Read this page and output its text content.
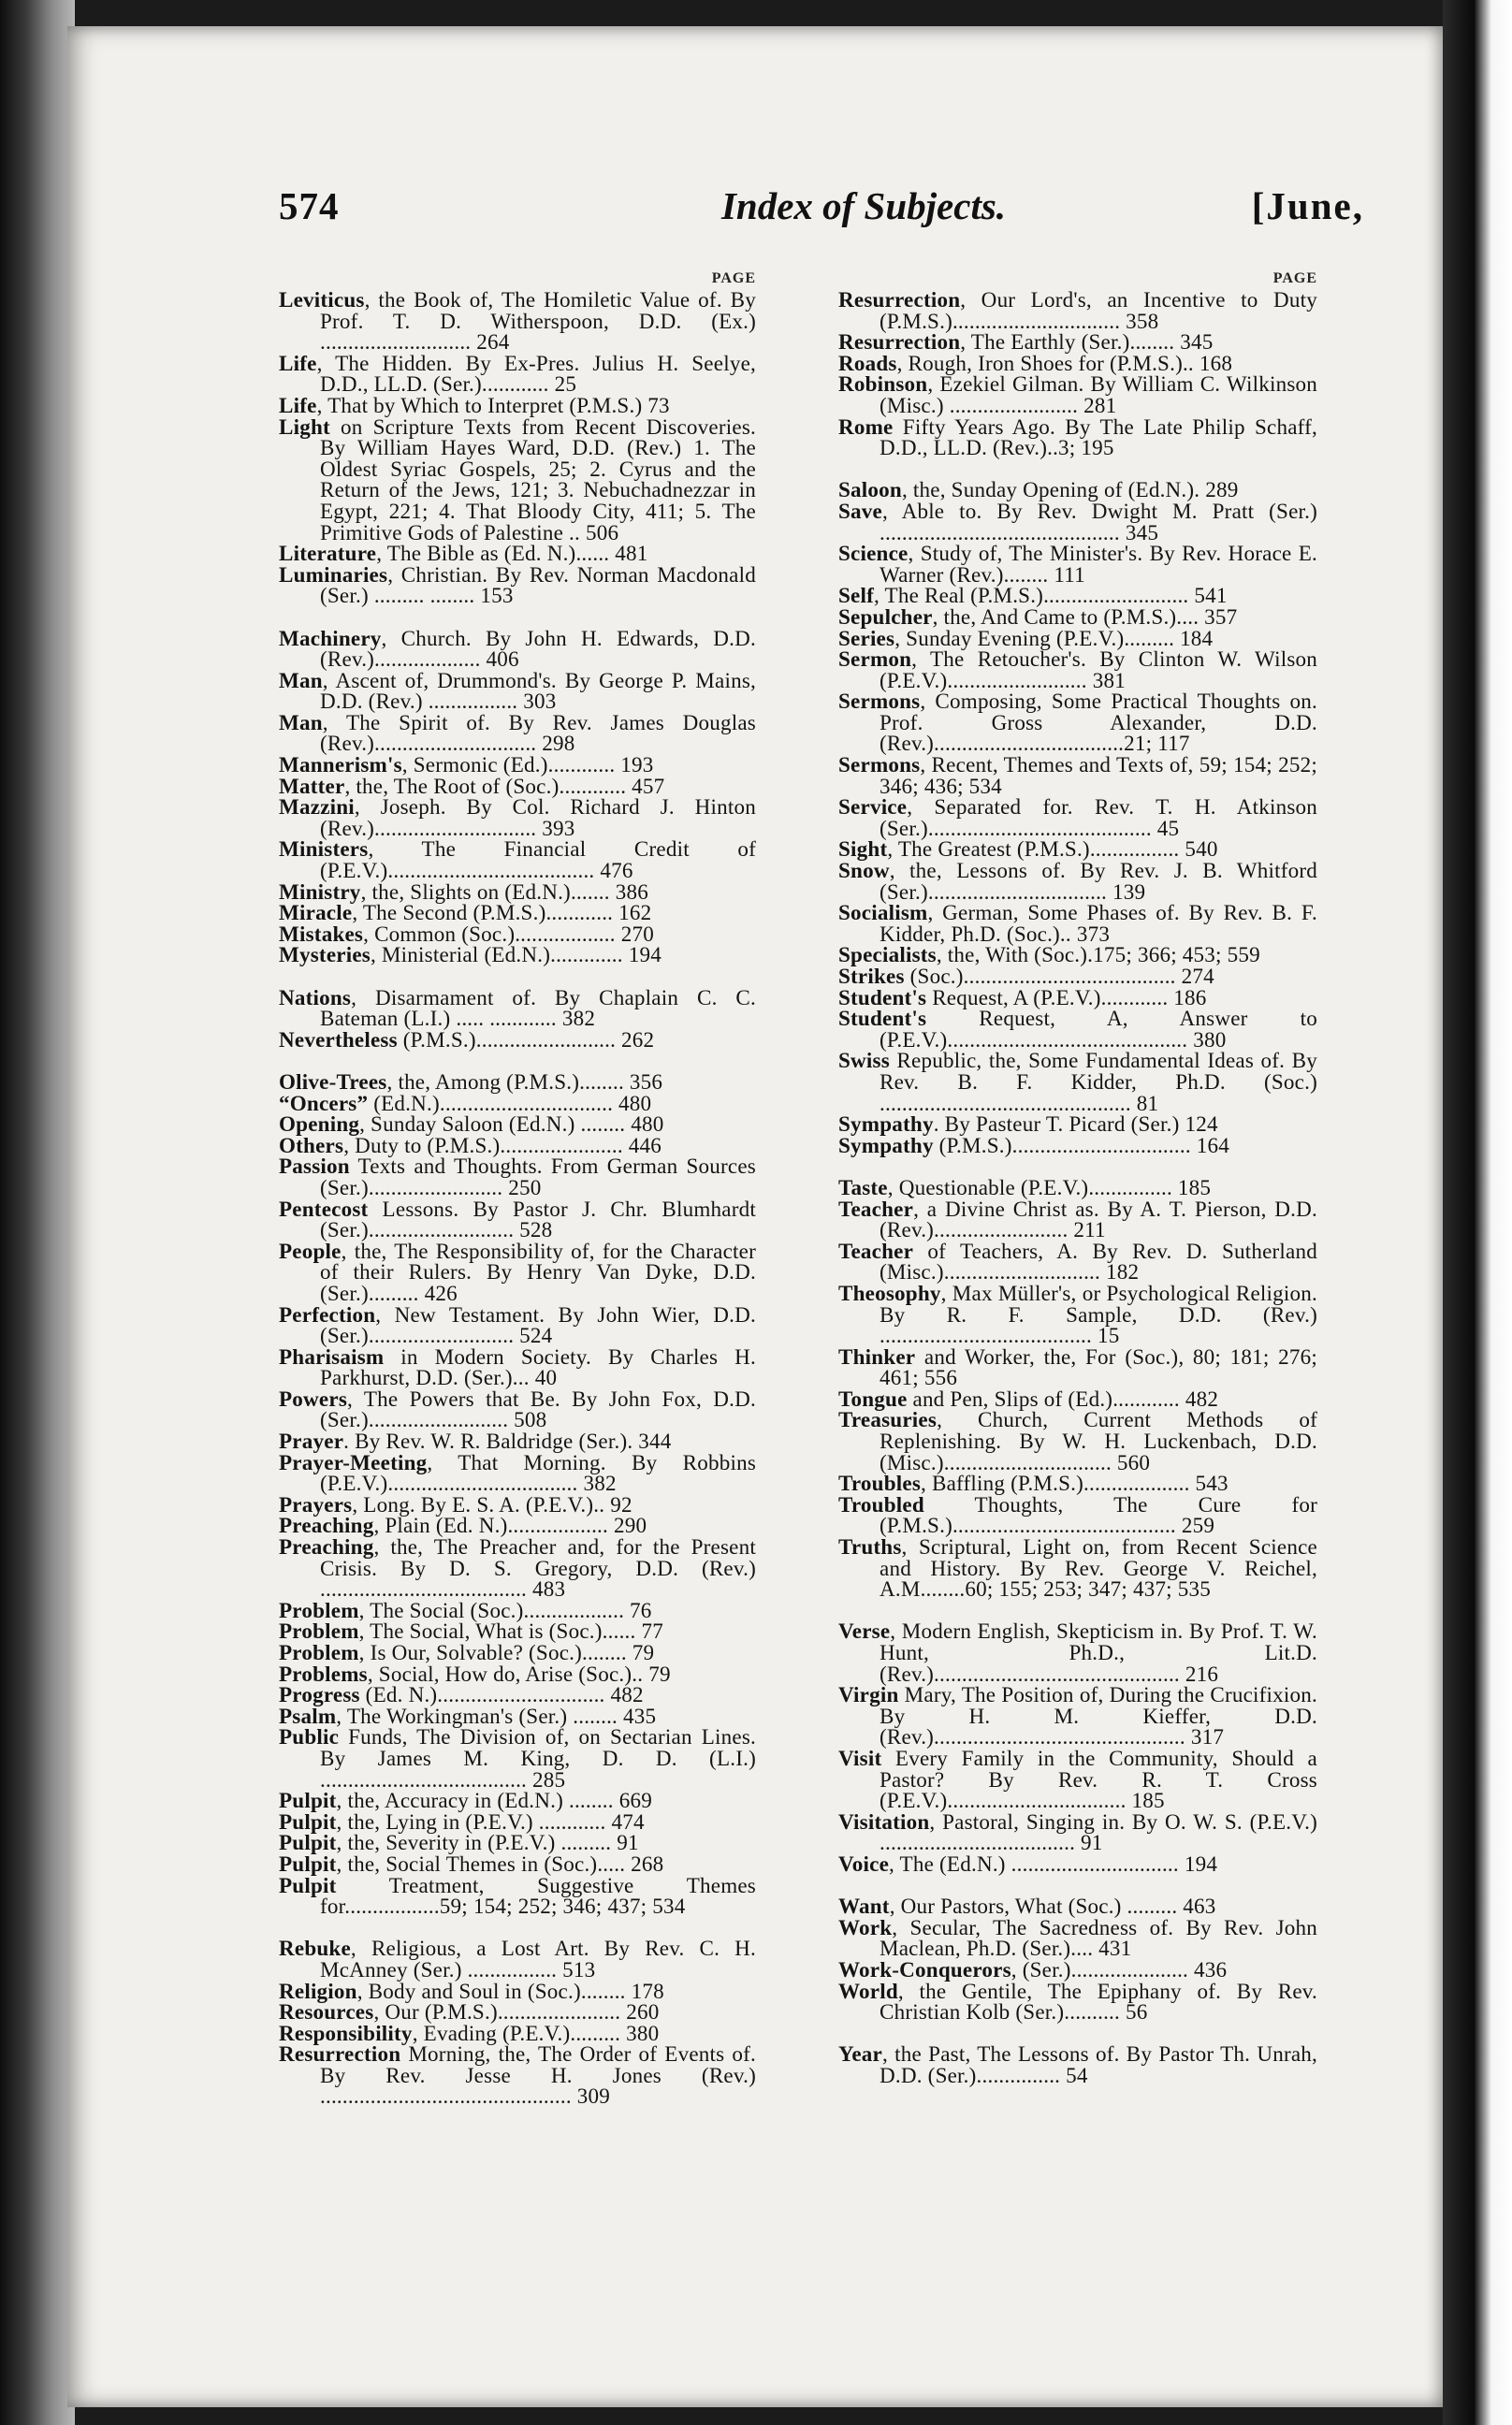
574	Index of Subjects.	[June,
PAGE

Leviticus, the Book of, The Homiletic Value of. By Prof. T. D. Witherspoon, D.D. (Ex.) ........................... 264

Life, The Hidden. By Ex-Pres. Julius H. Seelye, D.D., LL.D. (Ser.)............ 25

Life, That by Which to Interpret (P.M.S.) 73

Light on Scripture Texts from Recent Discoveries. By William Hayes Ward, D.D. (Rev.) 1. The Oldest Syriac Gospels, 25; 2. Cyrus and the Return of the Jews, 121; 3. Nebuchadnezzar in Egypt, 221; 4. That Bloody City, 411; 5. The Primitive Gods of Palestine .. 506

Literature, The Bible as (Ed. N.)...... 481

Luminaries, Christian. By Rev. Norman Macdonald (Ser.) ......... ........ 153

Machinery, Church. By John H. Edwards, D.D. (Rev.)................... 406

Man, Ascent of, Drummond's. By George P. Mains, D.D. (Rev.) ................ 303

Man, The Spirit of. By Rev. James Douglas (Rev.)............................. 298

Mannerism's, Sermonic (Ed.)............ 193

Matter, the, The Root of (Soc.)............ 457

Mazzini, Joseph. By Col. Richard J. Hinton (Rev.)............................. 393

Ministers, The Financial Credit of (P.E.V.)..................................... 476

Ministry, the, Slights on (Ed.N.)....... 386

Miracle, The Second (P.M.S.)............ 162

Mistakes, Common (Soc.).................. 270

Mysteries, Ministerial (Ed.N.)............. 194

Nations, Disarmament of. By Chaplain C. C. Bateman (L.I.) ..... ............ 382

Nevertheless (P.M.S.)......................... 262

Olive-Trees, the, Among (P.M.S.)........ 356

“Oncers” (Ed.N.)............................... 480

Opening, Sunday Saloon (Ed.N.) ........ 480

Others, Duty to (P.M.S.)...................... 446

Passion Texts and Thoughts. From German Sources (Ser.)........................ 250

Pentecost Lessons. By Pastor J. Chr. Blumhardt (Ser.).......................... 528

People, the, The Responsibility of, for the Character of their Rulers. By Henry Van Dyke, D.D. (Ser.)......... 426

Perfection, New Testament. By John Wier, D.D. (Ser.).......................... 524

Pharisaism in Modern Society. By Charles H. Parkhurst, D.D. (Ser.)... 40

Powers, The Powers that Be. By John Fox, D.D. (Ser.)......................... 508

Prayer. By Rev. W. R. Baldridge (Ser.). 344

Prayer-Meeting, That Morning. By Robbins (P.E.V.).................................. 382

Prayers, Long. By E. S. A. (P.E.V.).. 92

Preaching, Plain (Ed. N.).................. 290

Preaching, the, The Preacher and, for the Present Crisis. By D. S. Gregory, D.D. (Rev.) ..................................... 483

Problem, The Social (Soc.).................. 76

Problem, The Social, What is (Soc.)...... 77

Problem, Is Our, Solvable? (Soc.)........ 79

Problems, Social, How do, Arise (Soc.).. 79

Progress (Ed. N.).............................. 482

Psalm, The Workingman's (Ser.) ........ 435

Public Funds, The Division of, on Sectarian Lines. By James M. King, D. D. (L.I.) ..................................... 285

Pulpit, the, Accuracy in (Ed.N.) ........ 669

Pulpit, the, Lying in (P.E.V.) ............ 474

Pulpit, the, Severity in (P.E.V.) ......... 91

Pulpit, the, Social Themes in (Soc.)..... 268

Pulpit Treatment, Suggestive Themes for.................59; 154; 252; 346; 437; 534

Rebuke, Religious, a Lost Art. By Rev. C. H. McAnney (Ser.) ................ 513

Religion, Body and Soul in (Soc.)........ 178

Resources, Our (P.M.S.)...................... 260

Responsibility, Evading (P.E.V.)......... 380

Resurrection Morning, the, The Order of Events of. By Rev. Jesse H. Jones (Rev.) ............................................. 309

PAGE

Resurrection, Our Lord's, an Incentive to Duty (P.M.S.).............................. 358

Resurrection, The Earthly (Ser.)........ 345

Roads, Rough, Iron Shoes for (P.M.S.).. 168

Robinson, Ezekiel Gilman. By William C. Wilkinson (Misc.) ....................... 281

Rome Fifty Years Ago. By The Late Philip Schaff, D.D., LL.D. (Rev.)..3; 195

Saloon, the, Sunday Opening of (Ed.N.). 289

Save, Able to. By Rev. Dwight M. Pratt (Ser.) ........................................... 345

Science, Study of, The Minister's. By Rev. Horace E. Warner (Rev.)........ 111

Self, The Real (P.M.S.).......................... 541

Sepulcher, the, And Came to (P.M.S.).... 357

Series, Sunday Evening (P.E.V.)......... 184

Sermon, The Retoucher's. By Clinton W. Wilson (P.E.V.)......................... 381

Sermons, Composing, Some Practical Thoughts on. Prof. Gross Alexander, D.D. (Rev.)..................................21; 117

Sermons, Recent, Themes and Texts of, 59; 154; 252; 346; 436; 534

Service, Separated for. Rev. T. H. Atkinson (Ser.)........................................ 45

Sight, The Greatest (P.M.S.)................ 540

Snow, the, Lessons of. By Rev. J. B. Whitford (Ser.)................................ 139

Socialism, German, Some Phases of. By Rev. B. F. Kidder, Ph.D. (Soc.).. 373

Specialists, the, With (Soc.).175; 366; 453; 559

Strikes (Soc.)...................................... 274

Student's Request, A (P.E.V.)............ 186

Student's Request, A, Answer to (P.E.V.)........................................... 380

Swiss Republic, the, Some Fundamental Ideas of. By Rev. B. F. Kidder, Ph.D. (Soc.) ............................................. 81

Sympathy. By Pasteur T. Picard (Ser.) 124

Sympathy (P.M.S.)................................ 164

Taste, Questionable (P.E.V.)............... 185

Teacher, a Divine Christ as. By A. T. Pierson, D.D. (Rev.)........................ 211

Teacher of Teachers, A. By Rev. D. Sutherland (Misc.)............................ 182

Theosophy, Max Müller's, or Psychological Religion. By R. F. Sample, D.D. (Rev.) ...................................... 15

Thinker and Worker, the, For (Soc.), 80; 181; 276; 461; 556

Tongue and Pen, Slips of (Ed.)............ 482

Treasuries, Church, Current Methods of Replenishing. By W. H. Luckenbach, D.D. (Misc.).............................. 560

Troubles, Baffling (P.M.S.)................... 543

Troubled Thoughts, The Cure for (P.M.S.)........................................ 259

Truths, Scriptural, Light on, from Recent Science and History. By Rev. George V. Reichel, A.M........60; 155; 253; 347; 437; 535

Verse, Modern English, Skepticism in. By Prof. T. W. Hunt, Ph.D., Lit.D. (Rev.)............................................ 216

Virgin Mary, The Position of, During the Crucifixion. By H. M. Kieffer, D.D. (Rev.)............................................. 317

Visit Every Family in the Community, Should a Pastor? By Rev. R. T. Cross (P.E.V.)................................ 185

Visitation, Pastoral, Singing in. By O. W. S. (P.E.V.) ................................... 91

Voice, The (Ed.N.) .............................. 194

Want, Our Pastors, What (Soc.) ......... 463

Work, Secular, The Sacredness of. By Rev. John Maclean, Ph.D. (Ser.).... 431

Work-Conquerors, (Ser.)..................... 436

World, the Gentile, The Epiphany of. By Rev. Christian Kolb (Ser.).......... 56

Year, the Past, The Lessons of. By Pastor Th. Unrah, D.D. (Ser.)............... 54
